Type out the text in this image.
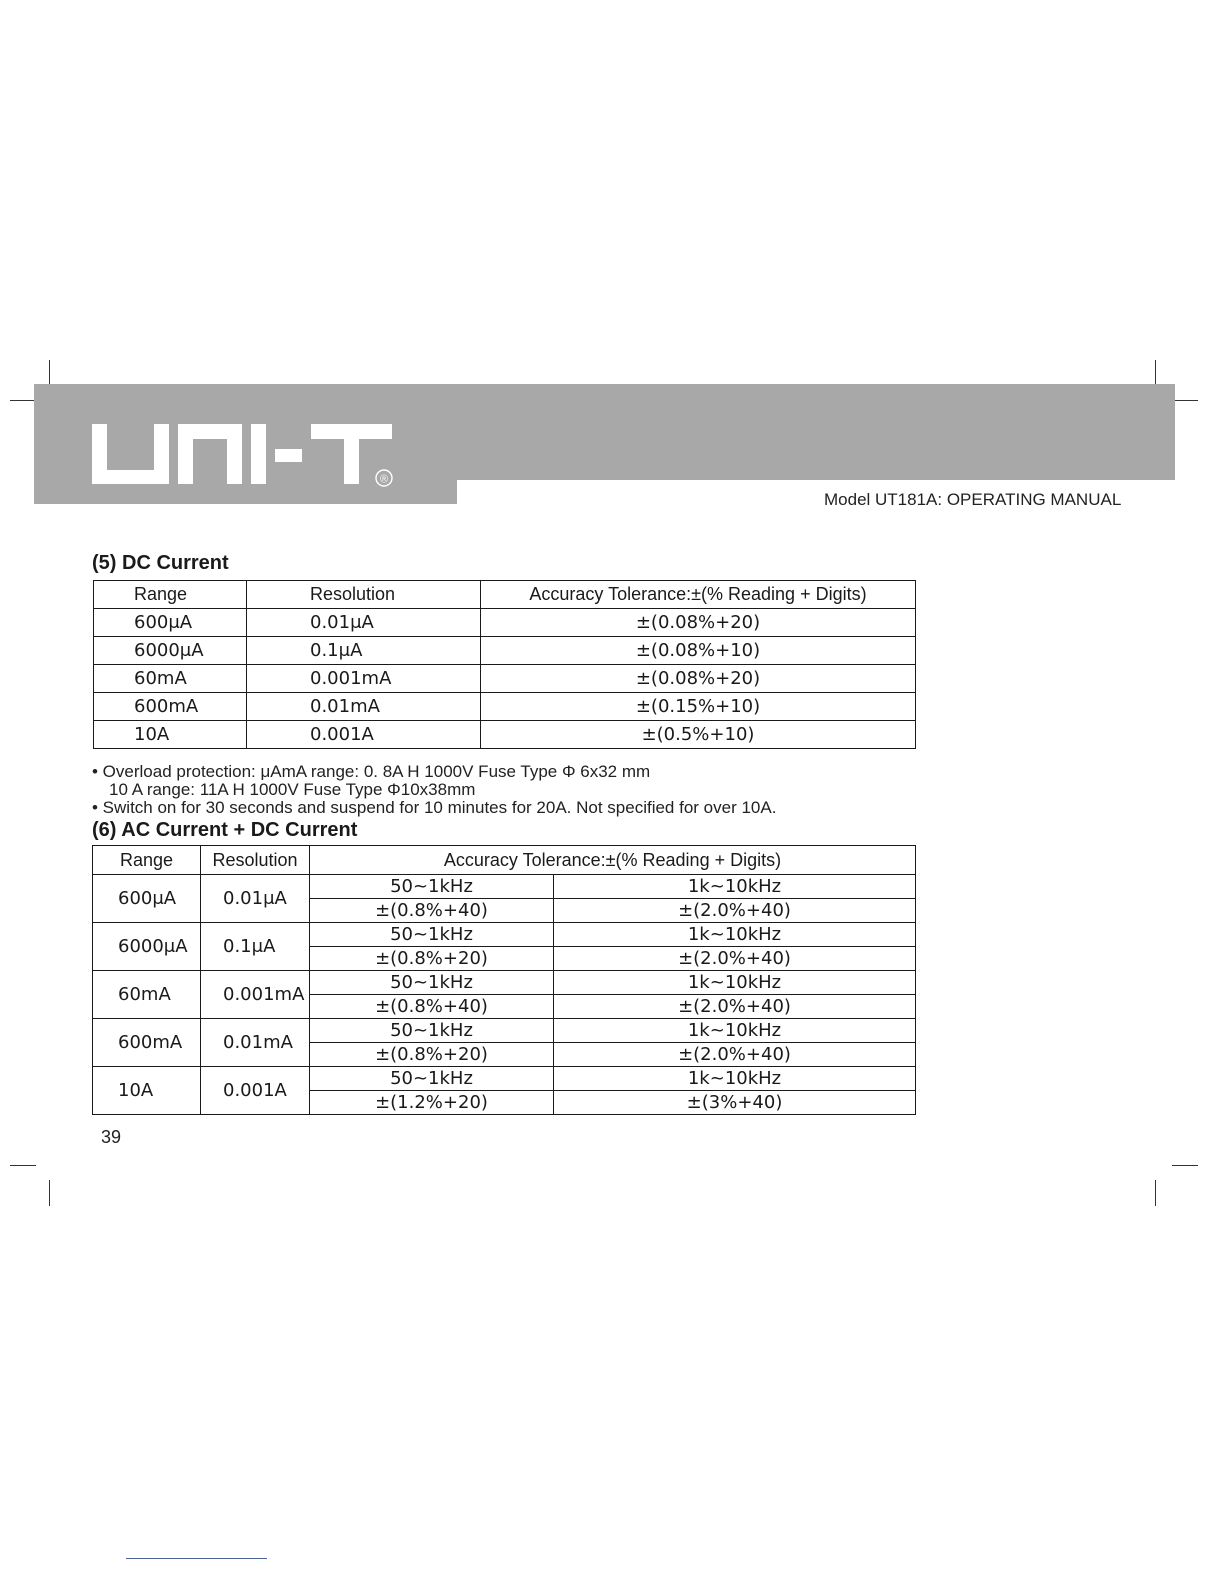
®
Model UT181A: OPERATING MANUAL
(5) DC Current
Range	Resolution	Accuracy Tolerance:±(% Reading + Digits)
600μA	0.01μA	±(0.08%+20)
6000μA	0.1μA	±(0.08%+10)
60mA	0.001mA	±(0.08%+20)
600mA	0.01mA	±(0.15%+10)
10A	0.001A	±(0.5%+10)
• Overload protection: μAmA range: 0. 8A H 1000V Fuse Type Φ 6x32 mm
10 A range: 11A H 1000V Fuse Type Φ10x38mm
• Switch on for 30 seconds and suspend for 10 minutes for 20A. Not specified for over 10A.
(6) AC Current + DC Current
Range	Resolution	Accuracy Tolerance:±(% Reading + Digits)	
600μA	0.01μA	50~1kHz	1k~10kHz
		±(0.8%+40)	±(2.0%+40)
6000μA	0.1μA	50~1kHz	1k~10kHz
		±(0.8%+20)	±(2.0%+40)
60mA	0.001mA	50~1kHz	1k~10kHz
		±(0.8%+40)	±(2.0%+40)
600mA	0.01mA	50~1kHz	1k~10kHz
		±(0.8%+20)	±(2.0%+40)
10A	0.001A	50~1kHz	1k~10kHz
		±(1.2%+20)	±(3%+40)
39
